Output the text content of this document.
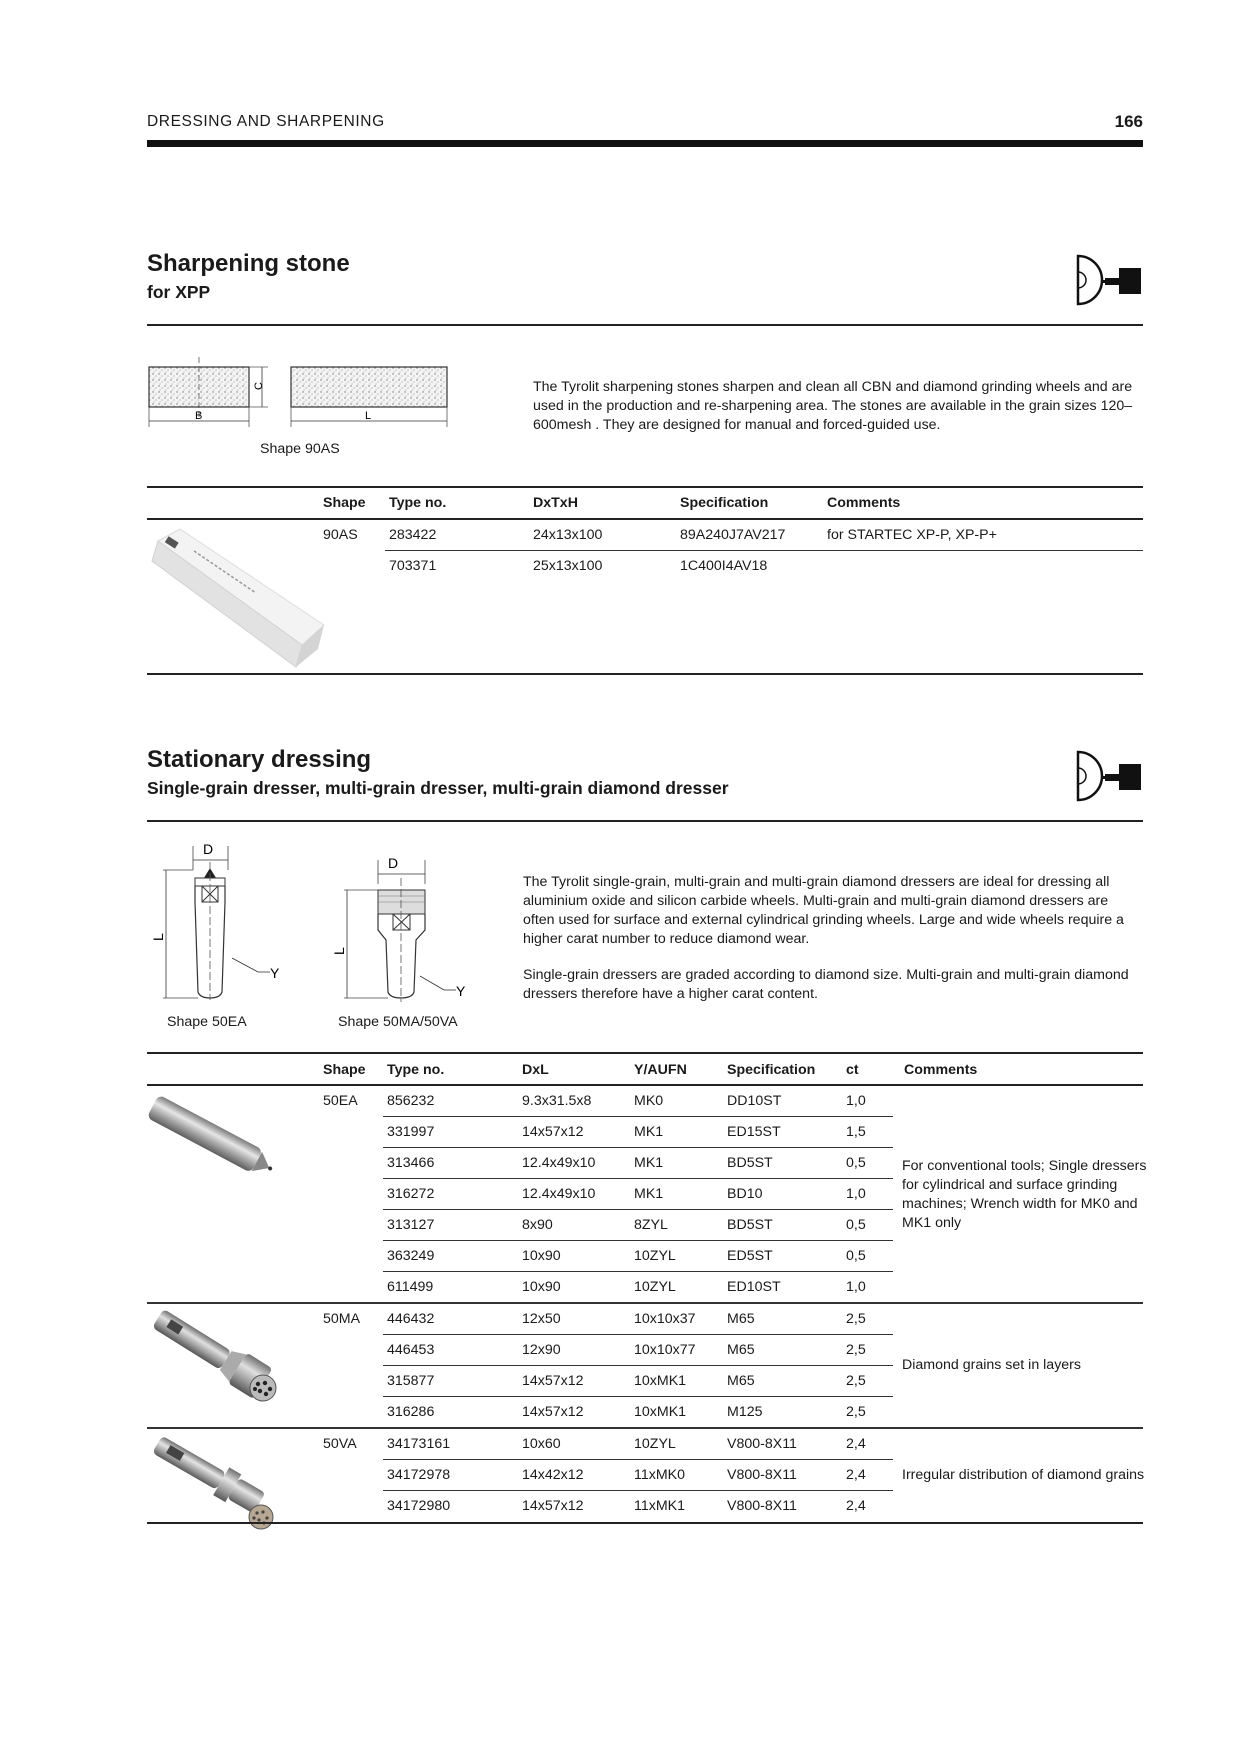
DRESSING AND SHARPENING	166
Sharpening stone
for XPP
C
B	L
Shape 90AS
The Tyrolit sharpening stones sharpen and clean all CBN and diamond grinding wheels and are used in the production and re-sharpening area. The stones are available in the grain sizes 120–600mesh . They are designed for manual and forced-guided use.
Shape Type no.	DxTxH	Specification	Comments
90AS 283422	24x13x100	89A240J7AV217	for STARTEC XP-P, XP-P+
703371	25x13x100	1C400I4AV18
Stationary dressing
Single-grain dresser, multi-grain dresser, multi-grain diamond dresser
D
L
Y
Shape 50EA
D
L
Y
Shape 50MA/50VA
The Tyrolit single-grain, multi-grain and multi-grain diamond dressers are ideal for dressing all aluminium oxide and silicon carbide wheels. Multi-grain and multi-grain diamond dressers are often used for surface and external cylindrical grinding wheels. Large and wide wheels require a higher carat number to reduce diamond wear.
Single-grain dressers are graded according to diamond size. Multi-grain and multi-grain diamond dressers therefore have a higher carat content.
Shape Type no.	DxL	Y/AUFN	Specification ct	Comments
50EA
For conventional tools; Single dressers for cylindrical and surface grinding machines; Wrench width for MK0 and MK1 only
856232	9.3x31.5x8	MK0	DD10ST	1,0
331997	14x57x12	MK1	ED15ST	1,5
313466	12.4x49x10	MK1	BD5ST	0,5
316272	12.4x49x10	MK1	BD10	1,0
313127	8x90	8ZYL	BD5ST	0,5
363249	10x90	10ZYL	ED5ST	0,5
611499	10x90	10ZYL	ED10ST	1,0
50MA
Diamond grains set in layers
446432	12x50	10x10x37 M65	2,5
446453	12x90	10x10x77 M65	2,5
315877	14x57x12	10xMK1	M65	2,5
316286	14x57x12	10xMK1	M125	2,5
50VA
Irregular distribution of diamond grains
34173161	10x60	10ZYL	V800-8X11	2,4
34172978	14x42x12	11xMK0	V800-8X11	2,4
34172980	14x57x12	11xMK1	V800-8X11	2,4
